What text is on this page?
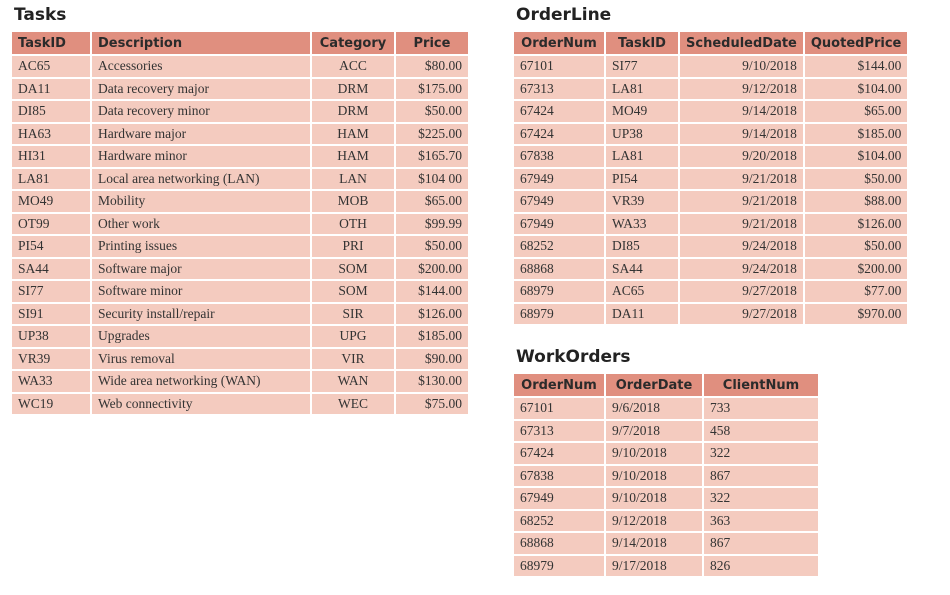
Tasks
TaskID	Description	Category	Price
AC65	Accessories	ACC	$80.00
DA11	Data recovery major	DRM	$175.00
DI85	Data recovery minor	DRM	$50.00
HA63	Hardware major	HAM	$225.00
HI31	Hardware minor	HAM	$165.70
LA81	Local area networking (LAN)	LAN	$104 00
MO49	Mobility	MOB	$65.00
OT99	Other work	OTH	$99.99
PI54	Printing issues	PRI	$50.00
SA44	Software major	SOM	$200.00
SI77	Software minor	SOM	$144.00
SI91	Security install/repair	SIR	$126.00
UP38	Upgrades	UPG	$185.00
VR39	Virus removal	VIR	$90.00
WA33	Wide area networking (WAN)	WAN	$130.00
WC19	Web connectivity	WEC	$75.00
OrderLine
OrderNum	TaskID	ScheduledDate	QuotedPrice
67101	SI77	9/10/2018	$144.00
67313	LA81	9/12/2018	$104.00
67424	MO49	9/14/2018	$65.00
67424	UP38	9/14/2018	$185.00
67838	LA81	9/20/2018	$104.00
67949	PI54	9/21/2018	$50.00
67949	VR39	9/21/2018	$88.00
67949	WA33	9/21/2018	$126.00
68252	DI85	9/24/2018	$50.00
68868	SA44	9/24/2018	$200.00
68979	AC65	9/27/2018	$77.00
68979	DA11	9/27/2018	$970.00
WorkOrders
OrderNum	OrderDate	ClientNum
67101	9/6/2018	733
67313	9/7/2018	458
67424	9/10/2018	322
67838	9/10/2018	867
67949	9/10/2018	322
68252	9/12/2018	363
68868	9/14/2018	867
68979	9/17/2018	826
